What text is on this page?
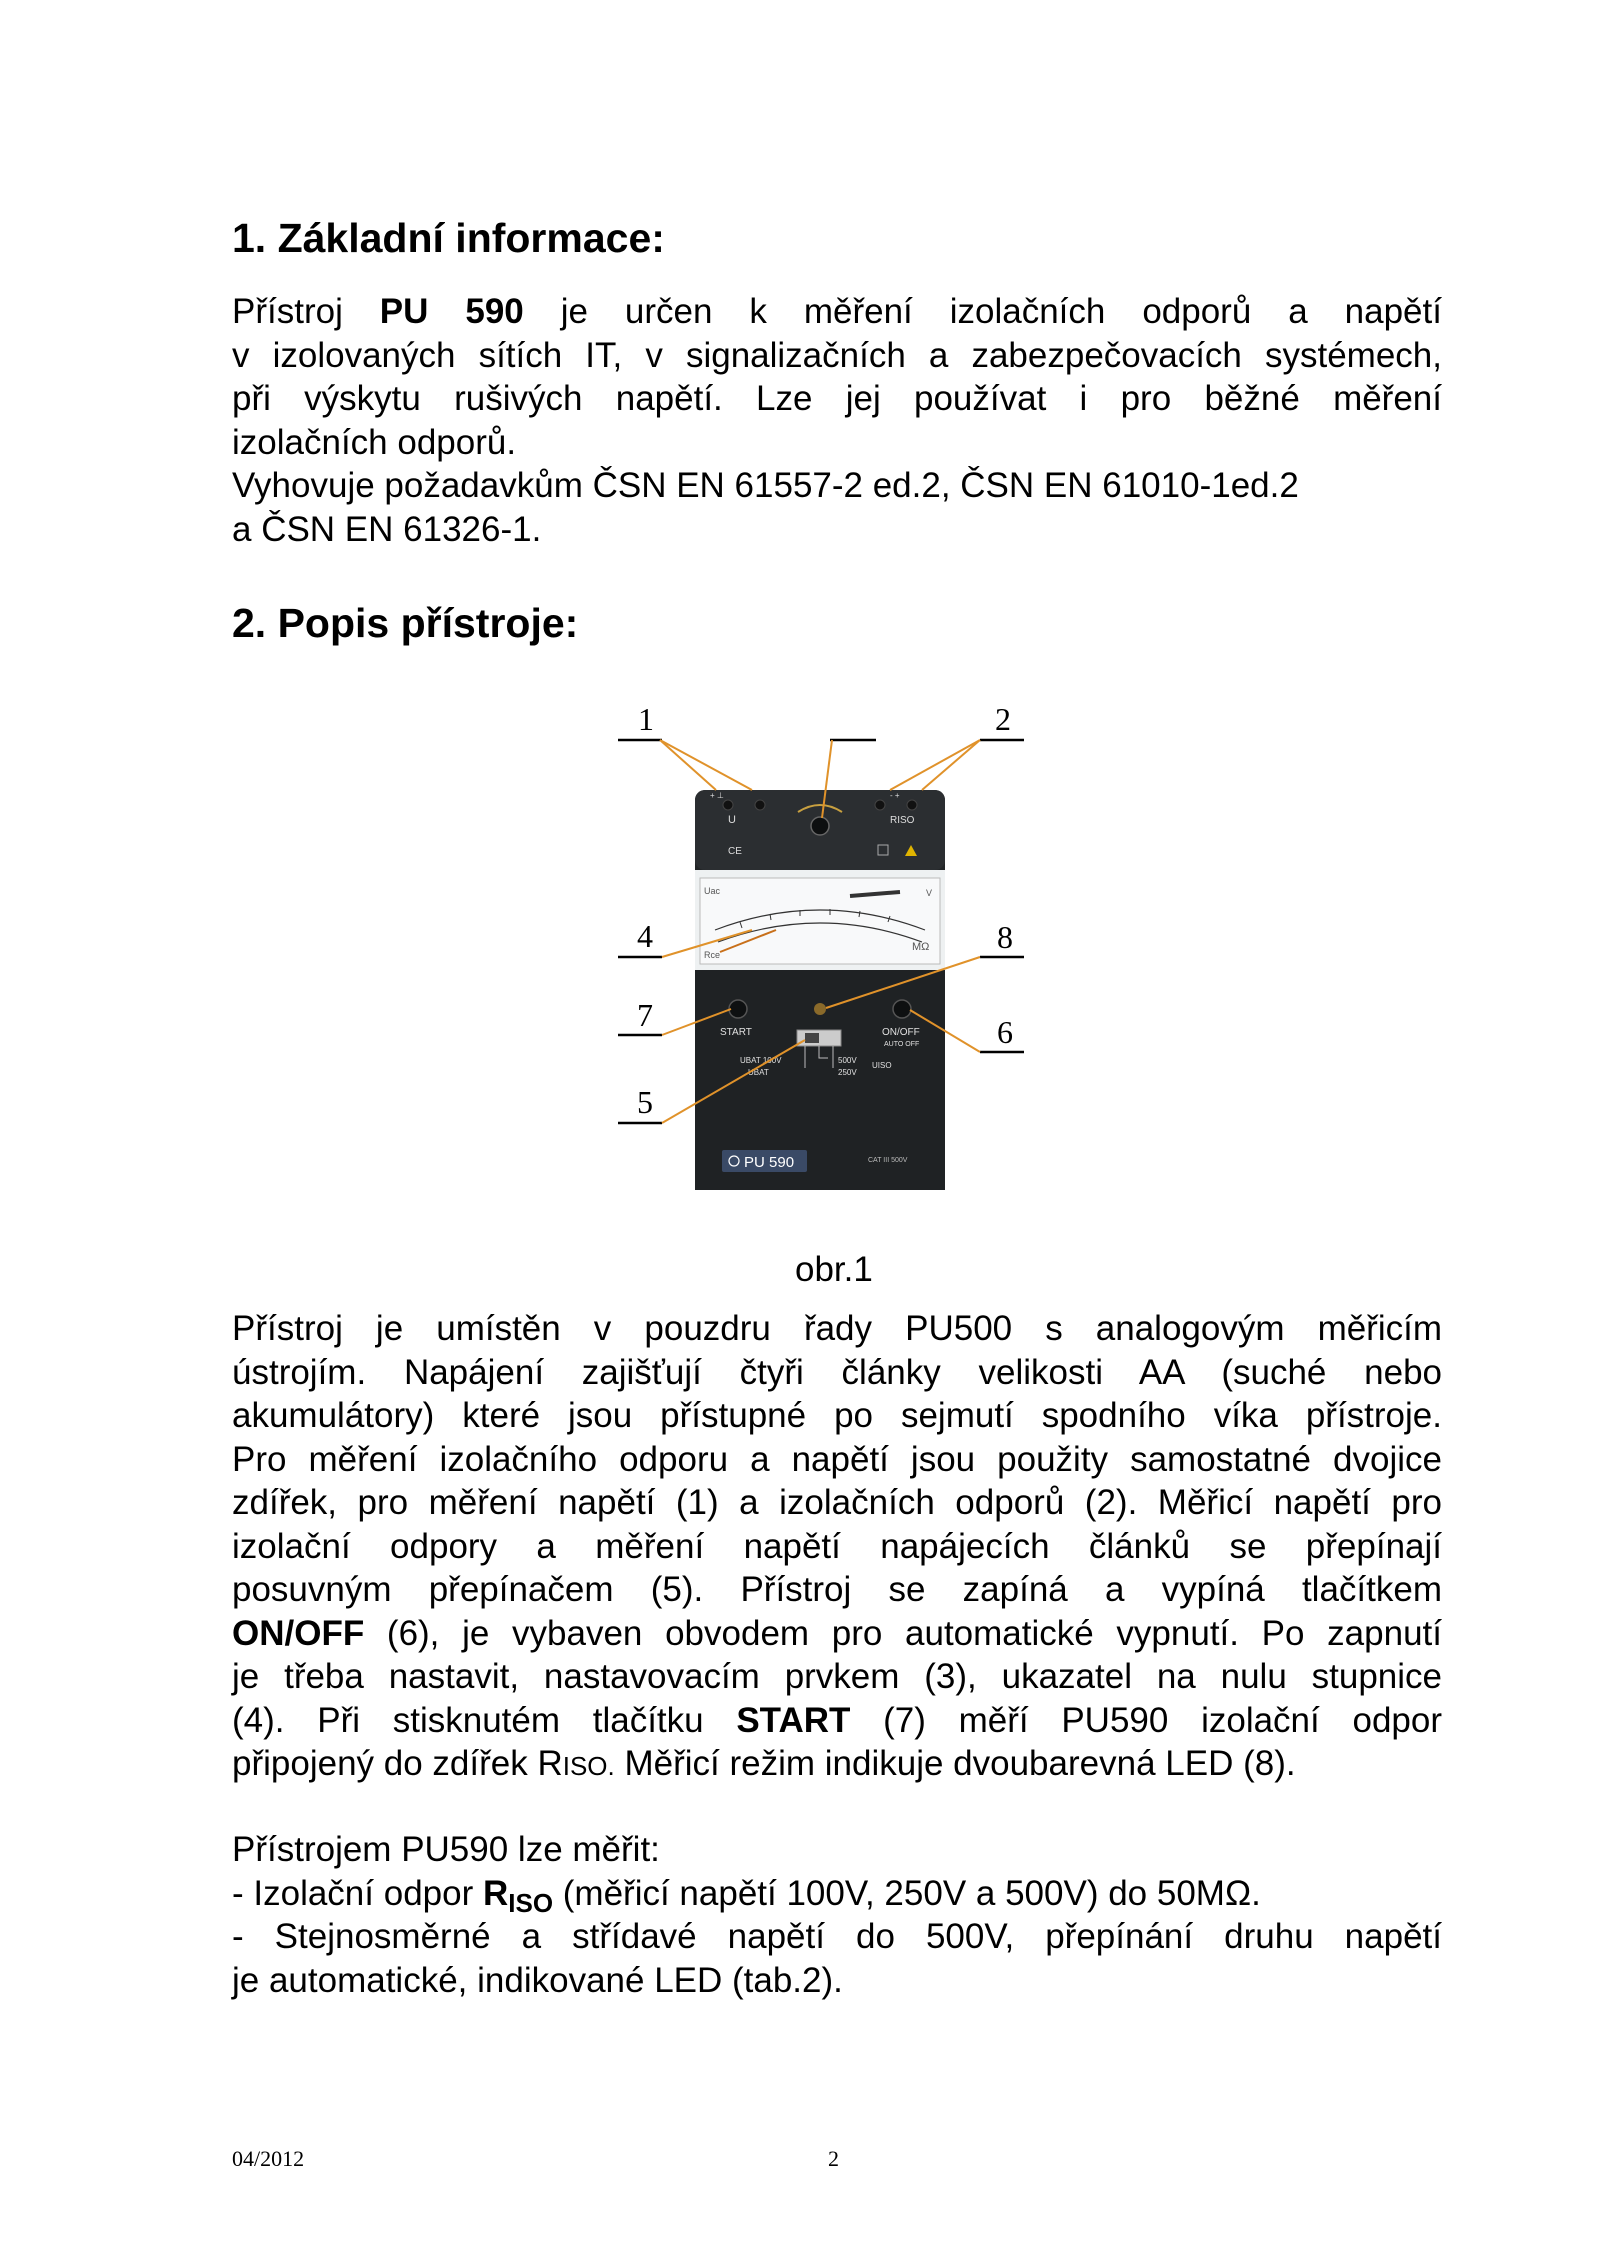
1. Základní informace:
Přístroj PU 590 je určen k měření izolačních odporů a napětí
v izolovaných sítích IT, v signalizačních a zabezpečovacích systémech,
při výskytu rušivých napětí. Lze jej používat i pro běžné měření
izolačních odporů.
Vyhovuje požadavkům ČSN EN 61557-2 ed.2, ČSN EN 61010-1ed.2
a ČSN EN 61326-1.
2. Popis přístroje:
1	2
4	8
7	6
5
U
+ ⊥	- +
RISO
CE
Uac
Rce
V
MΩ
START	ON/OFF
AUTO OFF
UBAT 100V
UBAT
500V
250V
UISO
PU 590	CAT III 500V
obr.1
Přístroj je umístěn v pouzdru řady PU500 s analogovým měřicím
ústrojím. Napájení zajišťují čtyři články velikosti AA (suché nebo
akumulátory) které jsou přístupné po sejmutí spodního víka přístroje.
Pro měření izolačního odporu a napětí jsou použity samostatné dvojice
zdířek, pro měření napětí (1) a izolačních odporů (2). Měřicí napětí pro
izolační odpory a měření napětí napájecích článků se přepínají
posuvným přepínačem (5). Přístroj se zapíná a vypíná tlačítkem
ON/OFF (6), je vybaven obvodem pro automatické vypnutí. Po zapnutí
je třeba nastavit, nastavovacím prvkem (3), ukazatel na nulu stupnice
(4). Při stisknutém tlačítku START (7) měří PU590 izolační odpor
připojený do zdířek RISO. Měřicí režim indikuje dvoubarevná LED (8).
Přístrojem PU590 lze měřit:
- Izolační odpor $R_{ISO}$ (měřicí napětí 100V, 250V a 500V) do 50MΩ.
- Stejnosměrné a střídavé napětí do 500V, přepínání druhu napětí
je automatické, indikované LED (tab.2).
04/2012	2
